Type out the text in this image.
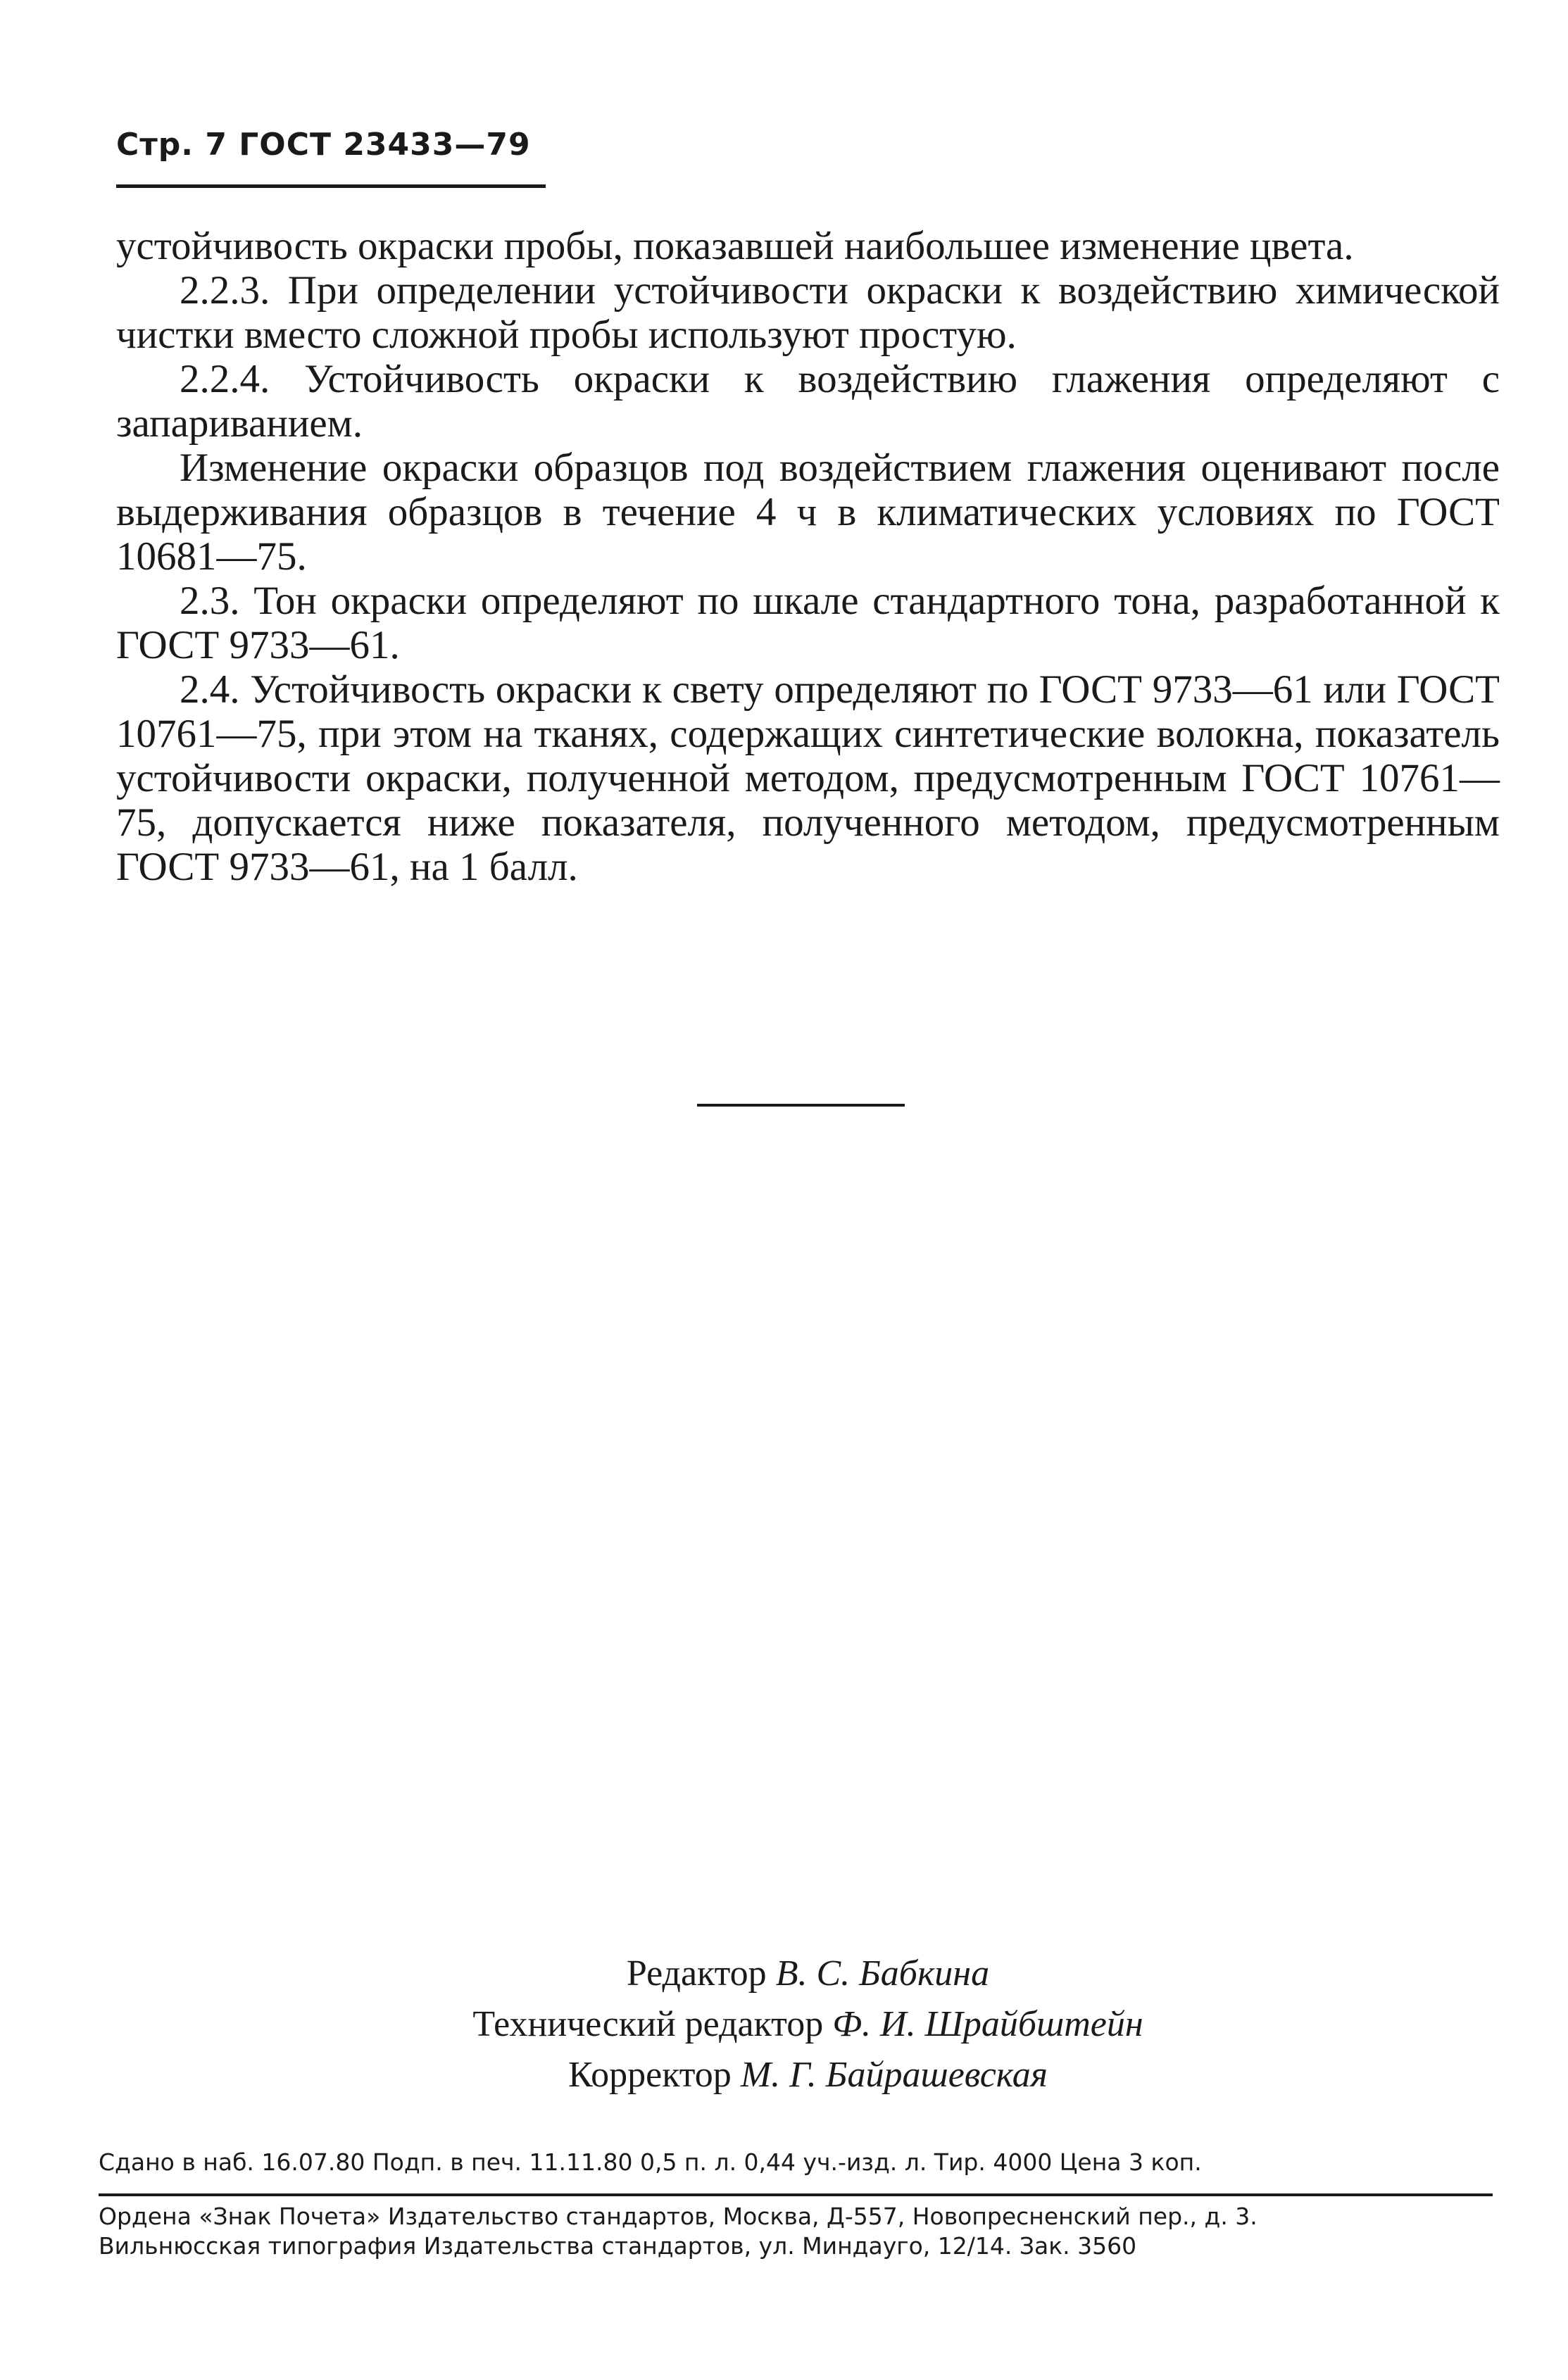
Стр. 7 ГОСТ 23433—79

устойчивость окраски пробы, показавшей наибольшее изменение цвета.

2.2.3. При определении устойчивости окраски к воздействию химической чистки вместо сложной пробы используют простую.

2.2.4. Устойчивость окраски к воздействию глажения определяют с запариванием.

Изменение окраски образцов под воздействием глажения оценивают после выдерживания образцов в течение 4 ч в климатических условиях по ГОСТ 10681—75.

2.3. Тон окраски определяют по шкале стандартного тона, разработанной к ГОСТ 9733—61.

2.4. Устойчивость окраски к свету определяют по ГОСТ 9733—61 или ГОСТ 10761—75, при этом на тканях, содержащих синтетические волокна, показатель устойчивости окраски, полученной методом, предусмотренным ГОСТ 10761—75, допускается ниже показателя, полученного методом, предусмотренным ГОСТ 9733—61, на 1 балл.

Редактор В. С. Бабкина
Технический редактор Ф. И. Шрайбштейн
Корректор М. Г. Байрашевская
Сдано в наб. 16.07.80 Подп. в печ. 11.11.80 0,5 п. л. 0,44 уч.-изд. л. Тир. 4000 Цена 3 коп.
Ордена «Знак Почета» Издательство стандартов, Москва, Д-557, Новопресненский пер., д. 3.
Вильнюсская типография Издательства стандартов, ул. Миндауго, 12/14. Зак. 3560
